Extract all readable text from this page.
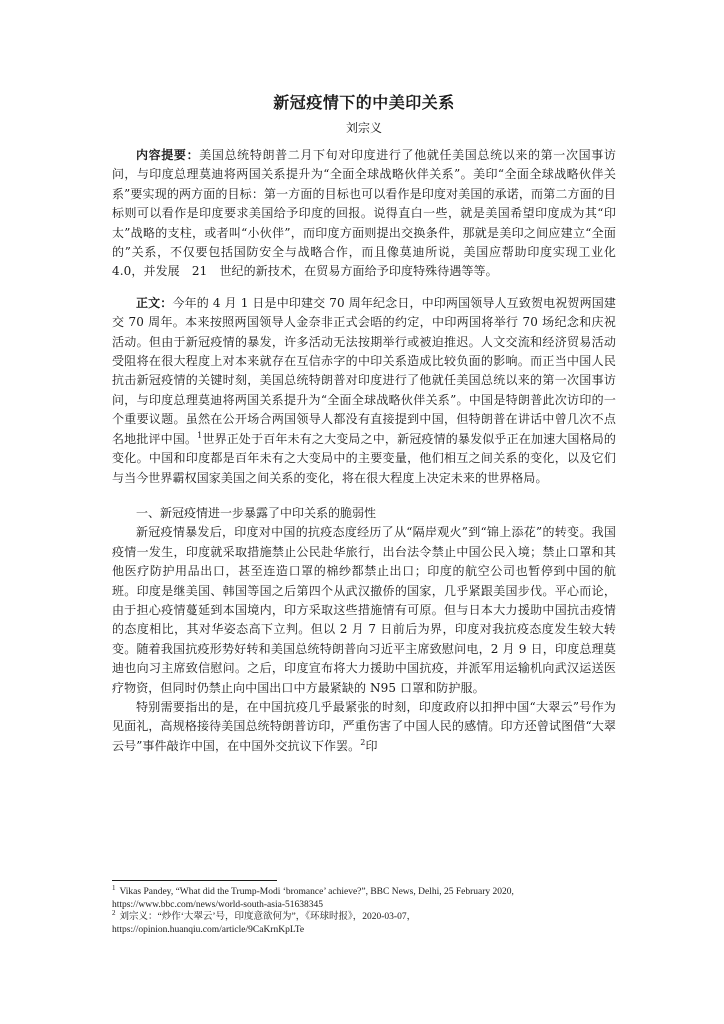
新冠疫情下的中美印关系
刘宗义

内容提要：美国总统特朗普二月下旬对印度进行了他就任美国总统以来的第一次国事访问，与印度总理莫迪将两国关系提升为“全面全球战略伙伴关系”。美印“全面全球战略伙伴关系”要实现的两方面的目标：第一方面的目标也可以看作是印度对美国的承诺，而第二方面的目标则可以看作是印度要求美国给予印度的回报。说得直白一些，就是美国希望印度成为其“印太”战略的支柱，或者叫“小伙伴”，而印度方面则提出交换条件，那就是美印之间应建立“全面的”关系，不仅要包括国防安全与战略合作，而且像莫迪所说，美国应帮助印度实现工业化 4.0，并发展　21　世纪的新技术，在贸易方面给予印度特殊待遇等等。

正文：今年的 4 月 1 日是中印建交 70 周年纪念日，中印两国领导人互致贺电祝贺两国建交 70 周年。本来按照两国领导人金奈非正式会晤的约定，中印两国将举行 70 场纪念和庆祝活动。但由于新冠疫情的暴发，许多活动无法按期举行或被迫推迟。人文交流和经济贸易活动受阻将在很大程度上对本来就存在互信赤字的中印关系造成比较负面的影响。而正当中国人民抗击新冠疫情的关键时刻，美国总统特朗普对印度进行了他就任美国总统以来的第一次国事访问，与印度总理莫迪将两国关系提升为“全面全球战略伙伴关系”。中国是特朗普此次访印的一个重要议题。虽然在公开场合两国领导人都没有直接提到中国，但特朗普在讲话中曾几次不点名地批评中国。$^1$世界正处于百年未有之大变局之中，新冠疫情的暴发似乎正在加速大国格局的变化。中国和印度都是百年未有之大变局中的主要变量，他们相互之间关系的变化，以及它们与当今世界霸权国家美国之间关系的变化，将在很大程度上决定未来的世界格局。

一、新冠疫情进一步暴露了中印关系的脆弱性

新冠疫情暴发后，印度对中国的抗疫态度经历了从“隔岸观火”到“锦上添花”的转变。我国疫情一发生，印度就采取措施禁止公民赴华旅行，出台法令禁止中国公民入境；禁止口罩和其他医疗防护用品出口，甚至连造口罩的棉纱都禁止出口；印度的航空公司也暂停到中国的航班。印度是继美国、韩国等国之后第四个从武汉撤侨的国家，几乎紧跟美国步伐。平心而论，由于担心疫情蔓延到本国境内，印方采取这些措施情有可原。但与日本大力援助中国抗击疫情的态度相比，其对华姿态高下立判。但以 2 月 7 日前后为界，印度对我抗疫态度发生较大转变。随着我国抗疫形势好转和美国总统特朗普向习近平主席致慰问电，2 月 9 日，印度总理莫迪也向习主席致信慰问。之后，印度宣布将大力援助中国抗疫，并派军用运输机向武汉运送医疗物资，但同时仍禁止向中国出口中方最紧缺的 N95 口罩和防护服。

特别需要指出的是，在中国抗疫几乎最紧张的时刻，印度政府以扣押中国“大翠云”号作为见面礼，高规格接待美国总统特朗普访印，严重伤害了中国人民的感情。印方还曾试图借“大翠云号”事件敲诈中国，在中国外交抗议下作罢。$^2$印

$^1$ Vikas Pandey, “What did the Trump-Modi ‘bromance’ achieve?”, BBC News, Delhi, 25 February 2020,
https://www.bbc.com/news/world-south-asia-51638345

$^2$ 刘宗义：“炒作‘大翠云’号，印度意欲何为”，《环球时报》，2020-03-07，
https://opinion.huanqiu.com/article/9CaKrnKpLTe
